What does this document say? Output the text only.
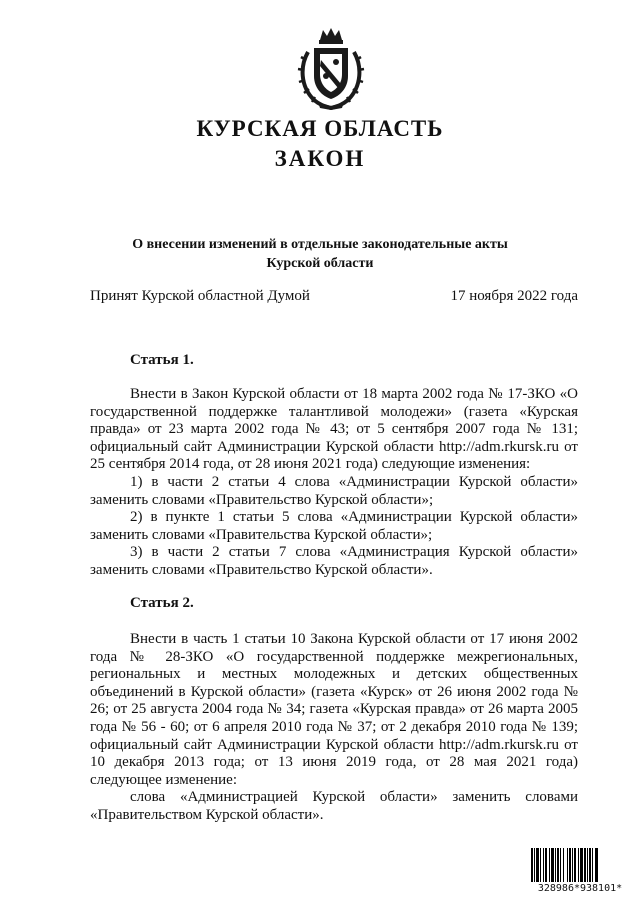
КУРСКАЯ ОБЛАСТЬ
ЗАКОН
О внесении изменений в отдельные законодательные акты
Курской области
Принят Курской областной Думой	17 ноября 2022 года
Статья 1.

Внести в Закон Курской области от 18 марта 2002 года № 17-ЗКО «О государственной поддержке талантливой молодежи» (газета «Курская правда» от 23 марта 2002 года № 43; от 5 сентября 2007 года № 131; официальный сайт Администрации Курской области http://adm.rkursk.ru от 25 сентября 2014 года, от 28 июня 2021 года) следующие изменения:

1) в части 2 статьи 4 слова «Администрации Курской области» заменить словами «Правительство Курской области»;

2) в пункте 1 статьи 5 слова «Администрации Курской области» заменить словами «Правительства Курской области»;

3) в части 2 статьи 7 слова «Администрация Курской области» заменить словами «Правительство Курской области».

Статья 2.

Внести в часть 1 статьи 10 Закона Курской области от 17 июня 2002 года № 28-ЗКО «О государственной поддержке межрегиональных, региональных и местных молодежных и детских общественных объединений в Курской области» (газета «Курск» от 26 июня 2002 года № 26; от 25 августа 2004 года № 34; газета «Курская правда» от 26 марта 2005 года № 56 - 60; от 6 апреля 2010 года № 37; от 2 декабря 2010 года № 139; официальный сайт Администрации Курской области http://adm.rkursk.ru от 10 декабря 2013 года; от 13 июня 2019 года, от 28 мая 2021 года) следующее изменение:

слова «Администрацией Курской области» заменить словами «Правительством Курской области».

328986*938101*
